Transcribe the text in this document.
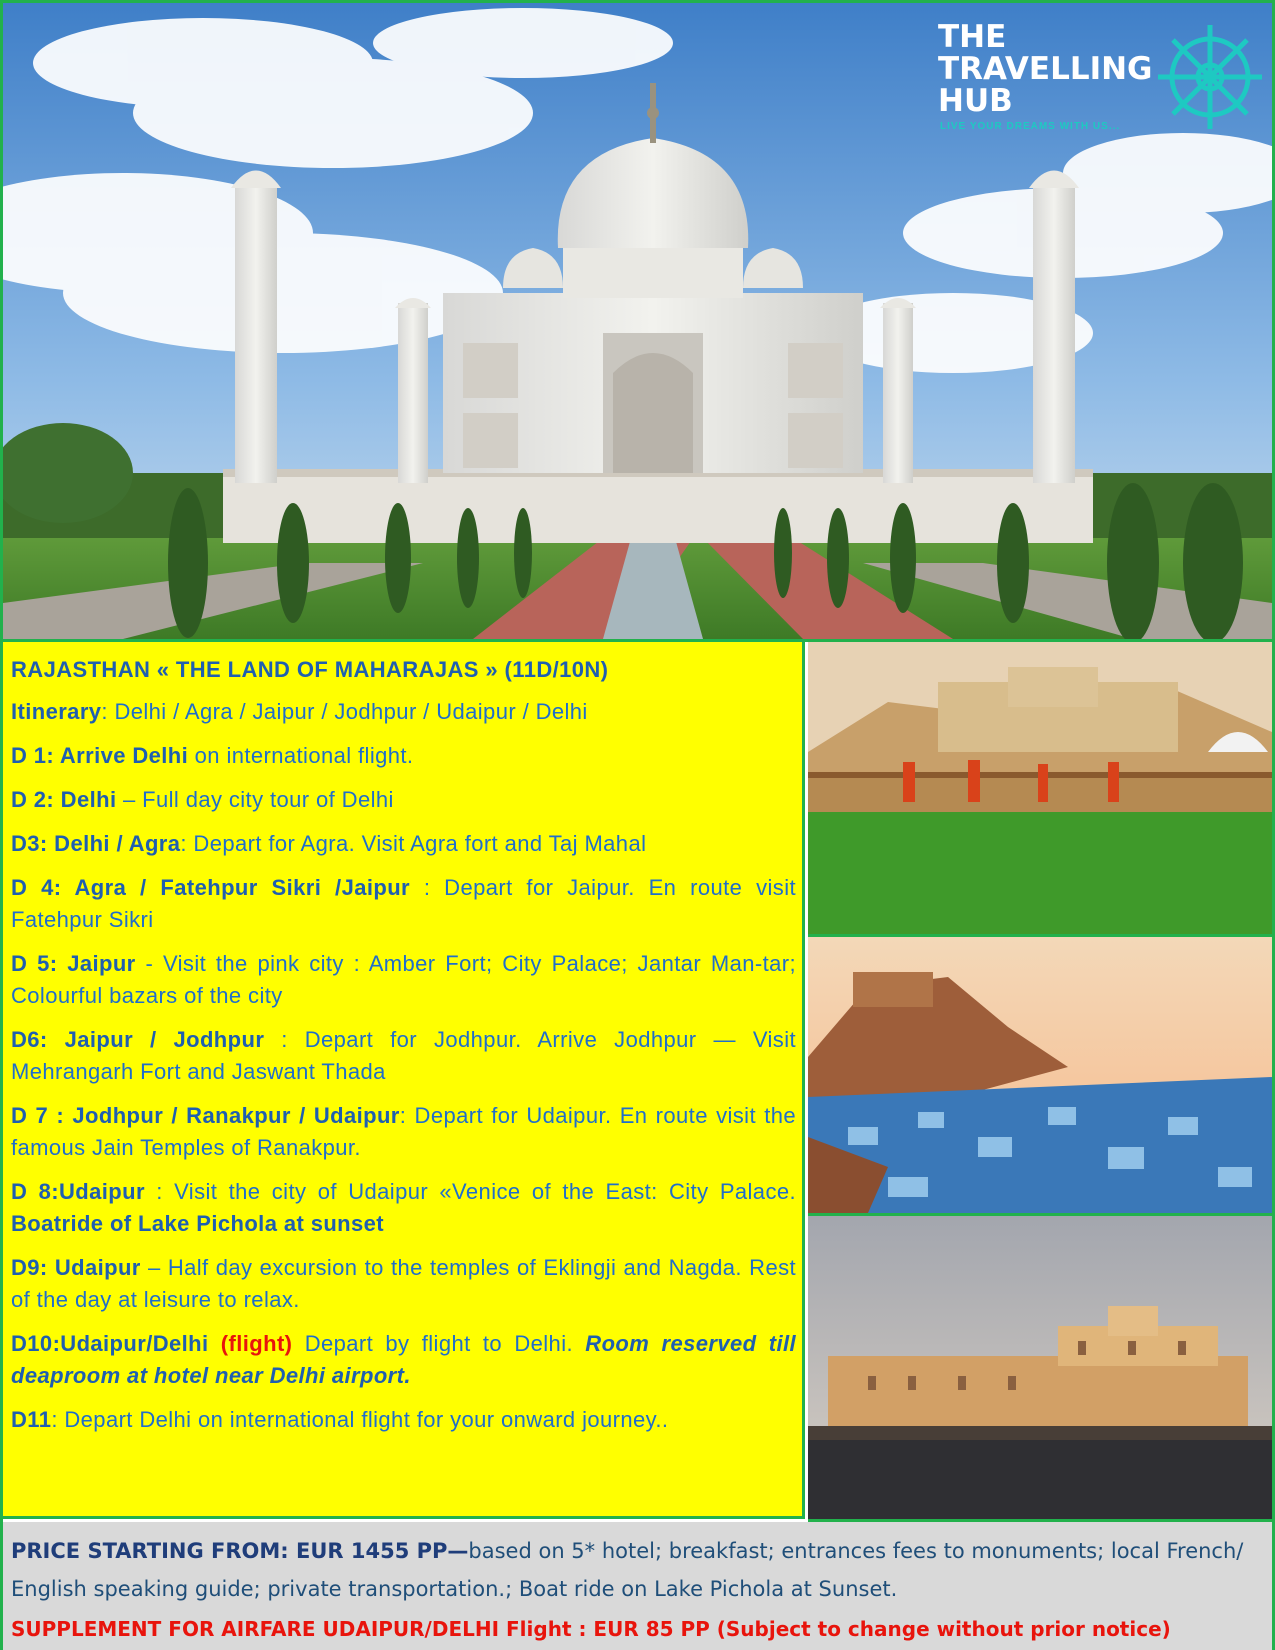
THE
TRAVELLING
HUB
LIVE YOUR DREAMS WITH US...

RAJASTHAN « THE LAND OF MAHARAJAS » (11D/10N)

Itinerary: Delhi / Agra / Jaipur / Jodhpur / Udaipur / Delhi

D 1: Arrive Delhi on international flight.

D 2: Delhi – Full day city tour of Delhi

D3: Delhi / Agra: Depart for Agra. Visit Agra fort and Taj Mahal

D 4: Agra / Fatehpur Sikri /Jaipur : Depart for Jaipur. En route visit Fatehpur Sikri

D 5: Jaipur - Visit the pink city : Amber Fort; City Palace; Jantar Man-tar; Colourful bazars of the city

D6: Jaipur / Jodhpur : Depart for Jodhpur. Arrive Jodhpur — Visit Mehrangarh Fort and Jaswant Thada

D 7 : Jodhpur / Ranakpur / Udaipur: Depart for Udaipur. En route visit the famous Jain Temples of Ranakpur.

D 8:Udaipur : Visit the city of Udaipur «Venice of the East: City Palace. Boatride of Lake Pichola at sunset

D9: Udaipur – Half day excursion to the temples of Eklingji and Nagda. Rest of the day at leisure to relax.

D10:Udaipur/Delhi (flight) Depart by flight to Delhi. Room reserved till deaproom at hotel near Delhi airport.

D11: Depart Delhi on international flight for your onward journey..

PRICE STARTING FROM: EUR 1455 PP—based on 5* hotel; breakfast; entrances fees to monuments; local French/ English speaking guide; private transportation.; Boat ride on Lake Pichola at Sunset.

SUPPLEMENT FOR AIRFARE UDAIPUR/DELHI Flight : EUR 85 PP (Subject to change without prior notice)
